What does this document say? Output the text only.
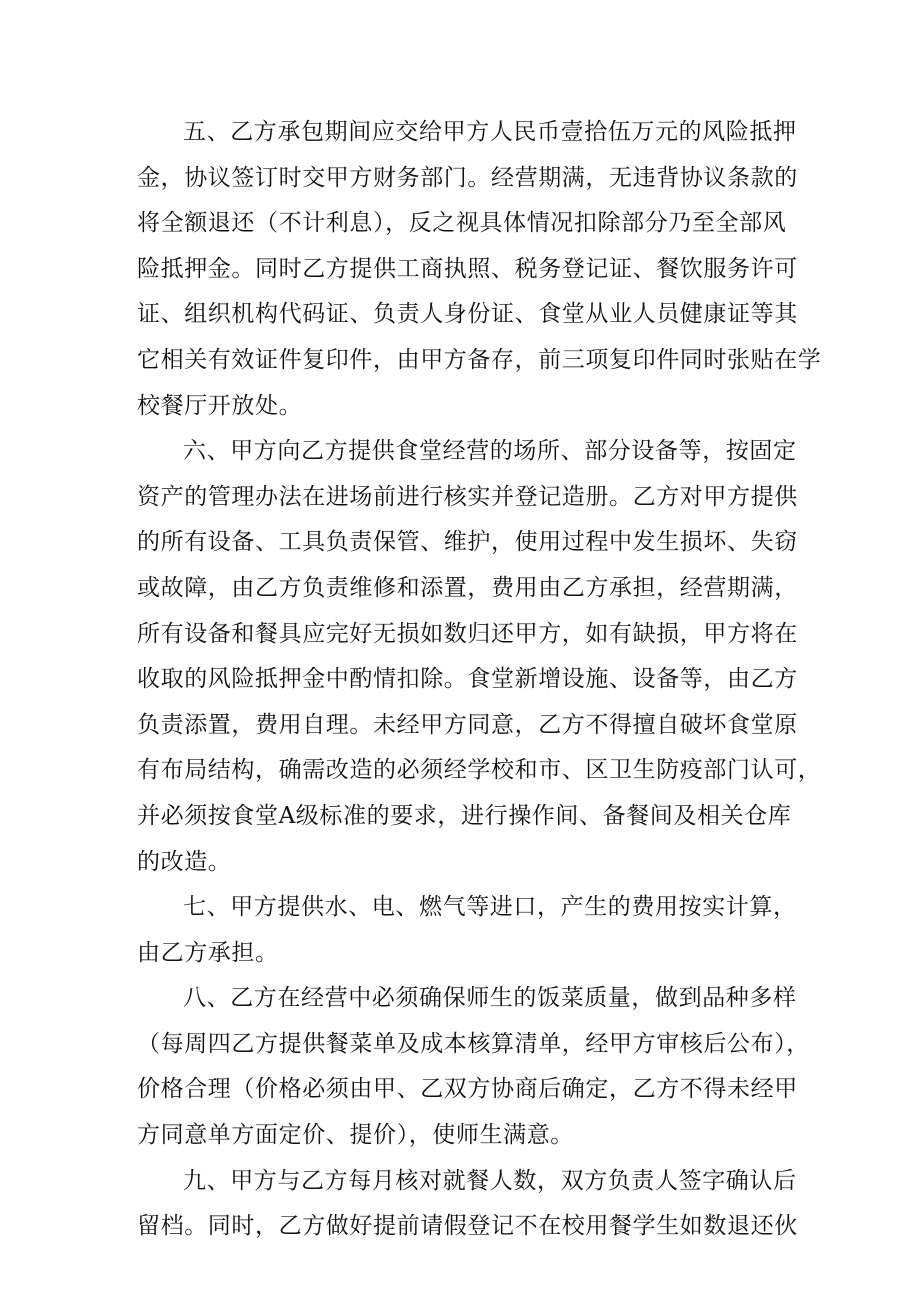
五、乙方承包期间应交给甲方人民币壹拾伍万元的风险抵押
金，协议签订时交甲方财务部门。经营期满，无违背协议条款的
将全额退还（不计利息），反之视具体情况扣除部分乃至全部风
险抵押金。同时乙方提供工商执照、税务登记证、餐饮服务许可
证、组织机构代码证、负责人身份证、食堂从业人员健康证等其
它相关有效证件复印件，由甲方备存，前三项复印件同时张贴在学
校餐厅开放处。

六、甲方向乙方提供食堂经营的场所、部分设备等，按固定
资产的管理办法在进场前进行核实并登记造册。乙方对甲方提供
的所有设备、工具负责保管、维护，使用过程中发生损坏、失窃
或故障，由乙方负责维修和添置，费用由乙方承担，经营期满，
所有设备和餐具应完好无损如数归还甲方，如有缺损，甲方将在
收取的风险抵押金中酌情扣除。食堂新增设施、设备等，由乙方
负责添置，费用自理。未经甲方同意，乙方不得擅自破坏食堂原
有布局结构，确需改造的必须经学校和市、区卫生防疫部门认可，
并必须按食堂A级标准的要求，进行操作间、备餐间及相关仓库
的改造。

七、甲方提供水、电、燃气等进口，产生的费用按实计算，
由乙方承担。

八、乙方在经营中必须确保师生的饭菜质量，做到品种多样
（每周四乙方提供餐菜单及成本核算清单，经甲方审核后公布），
价格合理（价格必须由甲、乙双方协商后确定，乙方不得未经甲
方同意单方面定价、提价），使师生满意。

九、甲方与乙方每月核对就餐人数，双方负责人签字确认后
留档。同时，乙方做好提前请假登记不在校用餐学生如数退还伙
